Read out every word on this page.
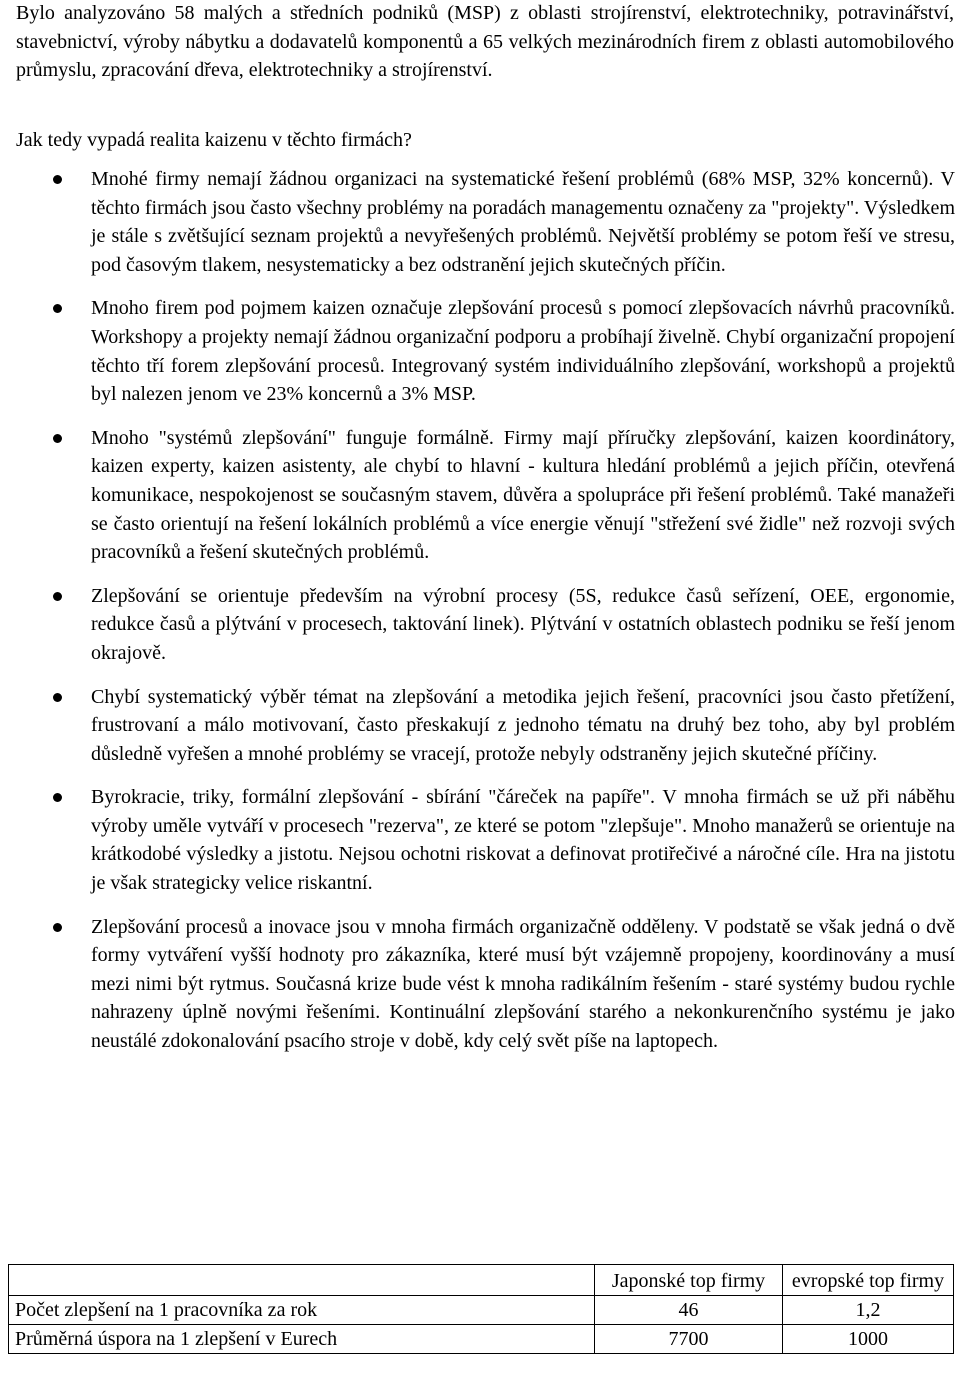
Bylo analyzováno 58 malých a středních podniků (MSP) z oblasti strojírenství, elektrotechniky, potravinářství, stavebnictví, výroby nábytku a dodavatelů komponentů a 65 velkých mezinárodních firem z oblasti automobilového průmyslu, zpracování dřeva, elektrotechniky a strojírenství.

Jak tedy vypadá realita kaizenu v těchto firmách?

Mnohé firmy nemají žádnou organizaci na systematické řešení problémů (68% MSP, 32% koncernů). V těchto firmách jsou často všechny problémy na poradách managementu označeny za "projekty". Výsledkem je stále s zvětšující seznam projektů a nevyřešených problémů. Největší problémy se potom řeší ve stresu, pod časovým tlakem, nesystematicky a bez odstranění jejich skutečných příčin.
Mnoho firem pod pojmem kaizen označuje zlepšování procesů s pomocí zlepšovacích návrhů pracovníků. Workshopy a projekty nemají žádnou organizační podporu a probíhají živelně. Chybí organizační propojení těchto tří forem zlepšování procesů. Integrovaný systém individuálního zlepšování, workshopů a projektů byl nalezen jenom ve 23% koncernů a 3% MSP.
Mnoho "systémů zlepšování" funguje formálně. Firmy mají příručky zlepšování, kaizen koordinátory, kaizen experty, kaizen asistenty, ale chybí to hlavní - kultura hledání problémů a jejich příčin, otevřená komunikace, nespokojenost se současným stavem, důvěra a spolupráce při řešení problémů. Také manažeři se často orientují na řešení lokálních problémů a více energie věnují "střežení své židle" než rozvoji svých pracovníků a řešení skutečných problémů.
Zlepšování se orientuje především na výrobní procesy (5S, redukce časů seřízení, OEE, ergonomie, redukce časů a plýtvání v procesech, taktování linek). Plýtvání v ostatních oblastech podniku se řeší jenom okrajově.
Chybí systematický výběr témat na zlepšování a metodika jejich řešení, pracovníci jsou často přetížení, frustrovaní a málo motivovaní, často přeskakují z jednoho tématu na druhý bez toho, aby byl problém důsledně vyřešen a mnohé problémy se vracejí, protože nebyly odstraněny jejich skutečné příčiny.
Byrokracie, triky, formální zlepšování - sbírání "čáreček na papíře". V mnoha firmách se už při náběhu výroby uměle vytváří v procesech "rezerva", ze které se potom "zlepšuje". Mnoho manažerů se orientuje na krátkodobé výsledky a jistotu. Nejsou ochotni riskovat a definovat protiřečivé a náročné cíle. Hra na jistotu je však strategicky velice riskantní.
Zlepšování procesů a inovace jsou v mnoha firmách organizačně odděleny. V podstatě se však jedná o dvě formy vytváření vyšší hodnoty pro zákazníka, které musí být vzájemně propojeny, koordinovány a musí mezi nimi být rytmus. Současná krize bude vést k mnoha radikálním řešením - staré systémy budou rychle nahrazeny úplně novými řešeními. Kontinuální zlepšování starého a nekonkurenčního systému je jako neustálé zdokonalování psacího stroje v době, kdy celý svět píše na laptopech.
	Japonské top firmy	evropské top firmy
Počet zlepšení na 1 pracovníka za rok	46	1,2
Průměrná úspora na 1 zlepšení v Eurech	7700	1000
